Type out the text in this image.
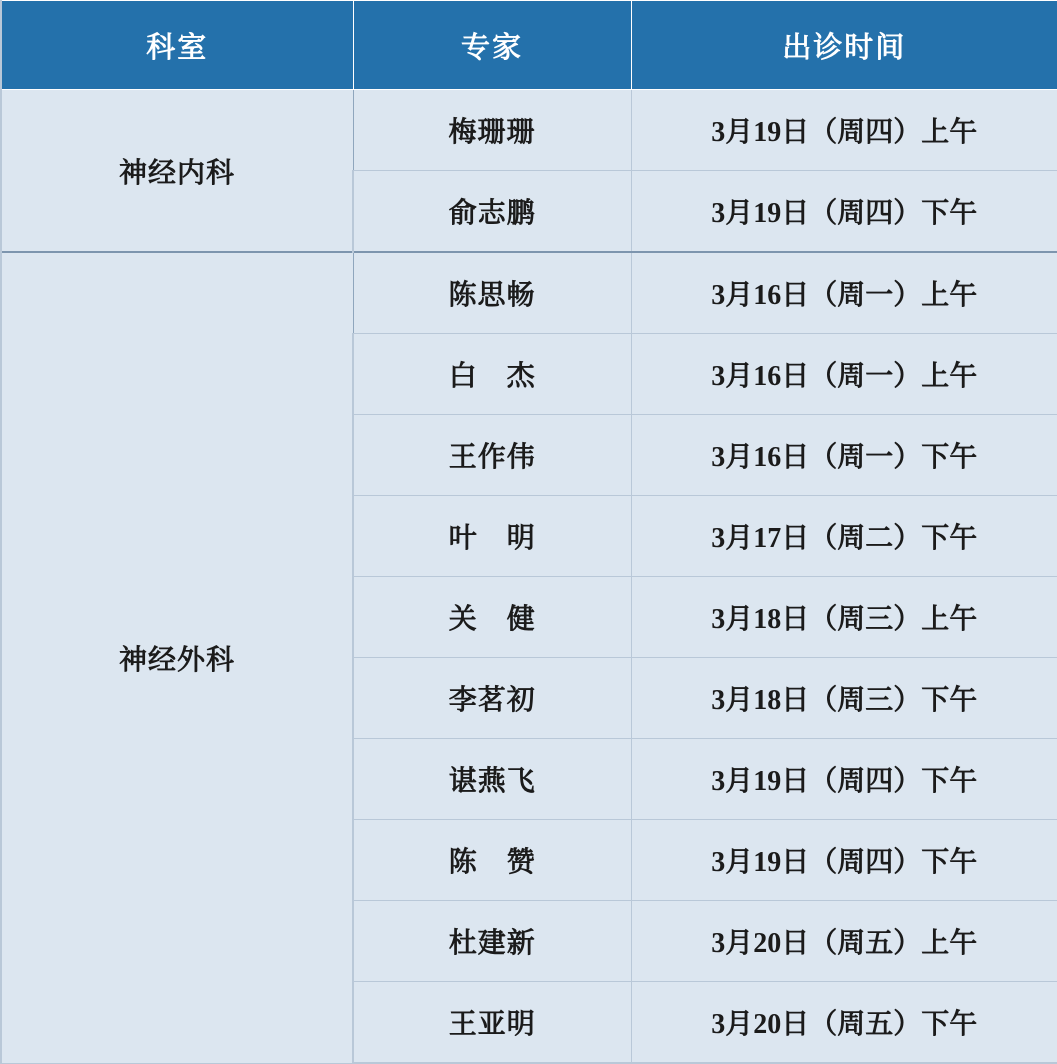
科室	专家	出诊时间
神经内科	梅珊珊	3月19日（周四）上午
	俞志鹏	3月19日（周四）下午
神经外科	陈思畅	3月16日（周一）上午
	白　杰	3月16日（周一）上午
	王作伟	3月16日（周一）下午
	叶　明	3月17日（周二）下午
	关　健	3月18日（周三）上午
	李茗初	3月18日（周三）下午
	谌燕飞	3月19日（周四）下午
	陈　赞	3月19日（周四）下午
	杜建新	3月20日（周五）上午
	王亚明	3月20日（周五）下午
